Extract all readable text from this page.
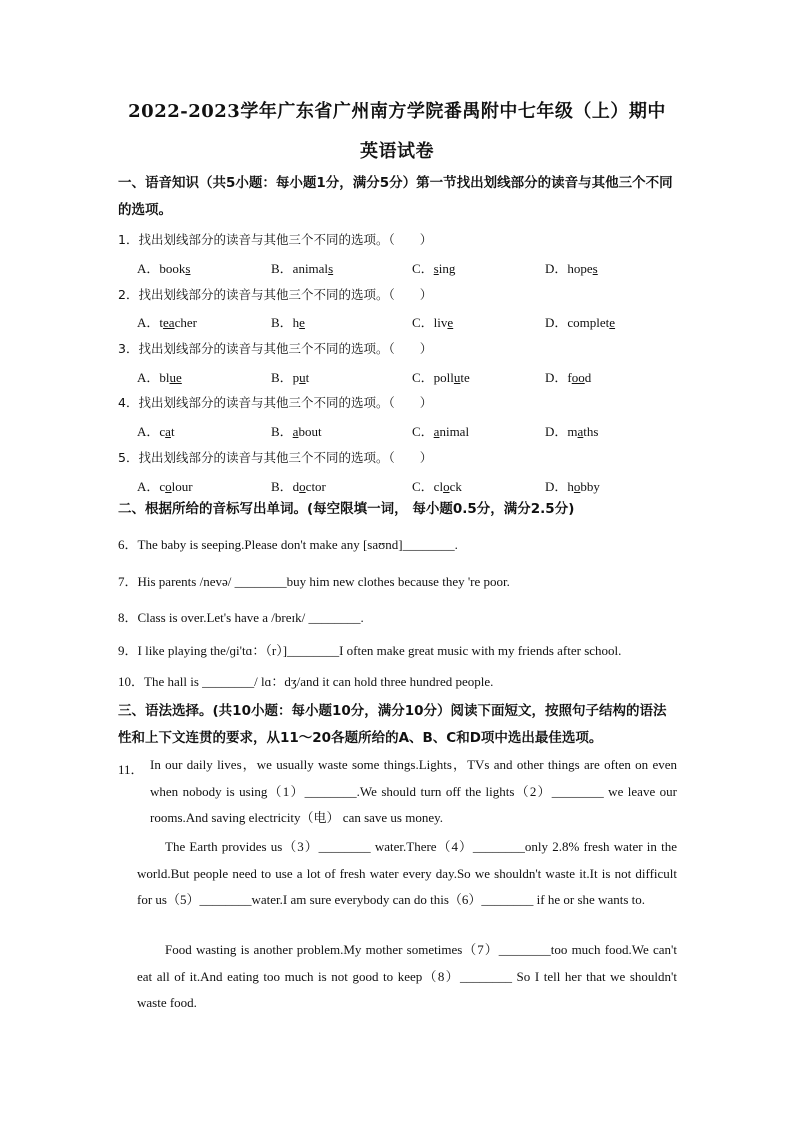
2022-2023学年广东省广州南方学院番禺附中七年级（上）期中
英语试卷
一、语音知识（共5小题：每小题1分，满分5分）第一节找出划线部分的读音与其他三个不同的选项。
1．找出划线部分的读音与其他三个不同的选项。（　　）
A．books	B．animals	C．sing	D．hopes
2．找出划线部分的读音与其他三个不同的选项。（　　）
A．teacher	B．he	C．live	D．complete
3．找出划线部分的读音与其他三个不同的选项。（　　）
A．blue	B．put	C．pollute	D．food
4．找出划线部分的读音与其他三个不同的选项。（　　）
A．cat	B．about	C．animal	D．maths
5．找出划线部分的读音与其他三个不同的选项。（　　）
A．colour	B．doctor	C．clock	D．hobby
二、根据所给的音标写出单词。(每空限填一词， 每小题0.5分，满分2.5分)
6．The baby is seeping.Please don't make any [saʊnd]________.
7．His parents /nevə/ ________buy him new clothes because they 're poor.
8．Class is over.Let's have a /breɪk/ ________.
9．I like playing the/ɡi'tɑ：（r）]________I often make great music with my friends after school.
10．The hall is ________/ lɑ：dʒ/and it can hold three hundred people.
三、语法选择。(共10小题：每小题10分，满分10分）阅读下面短文，按照句子结构的语法性和上下文连贯的要求，从11～20各题所给的A、B、C和D项中选出最佳选项。
11． In our daily lives，we usually waste some things.Lights，TVs and other things are often on even when nobody is using（1）________.We should turn off the lights（2）________ we leave our rooms.And saving electricity（电） can save us money.
The Earth provides us（3）________ water.There（4）________only 2.8% fresh water in the world.But people need to use a lot of fresh water every day.So we shouldn't waste it.It is not difficult for us（5）________water.I am sure everybody can do this（6）________ if he or she wants to.
Food wasting is another problem.My mother sometimes（7）________too much food.We can't eat all of it.And eating too much is not good to keep（8）________ So I tell her that we shouldn't waste food.
